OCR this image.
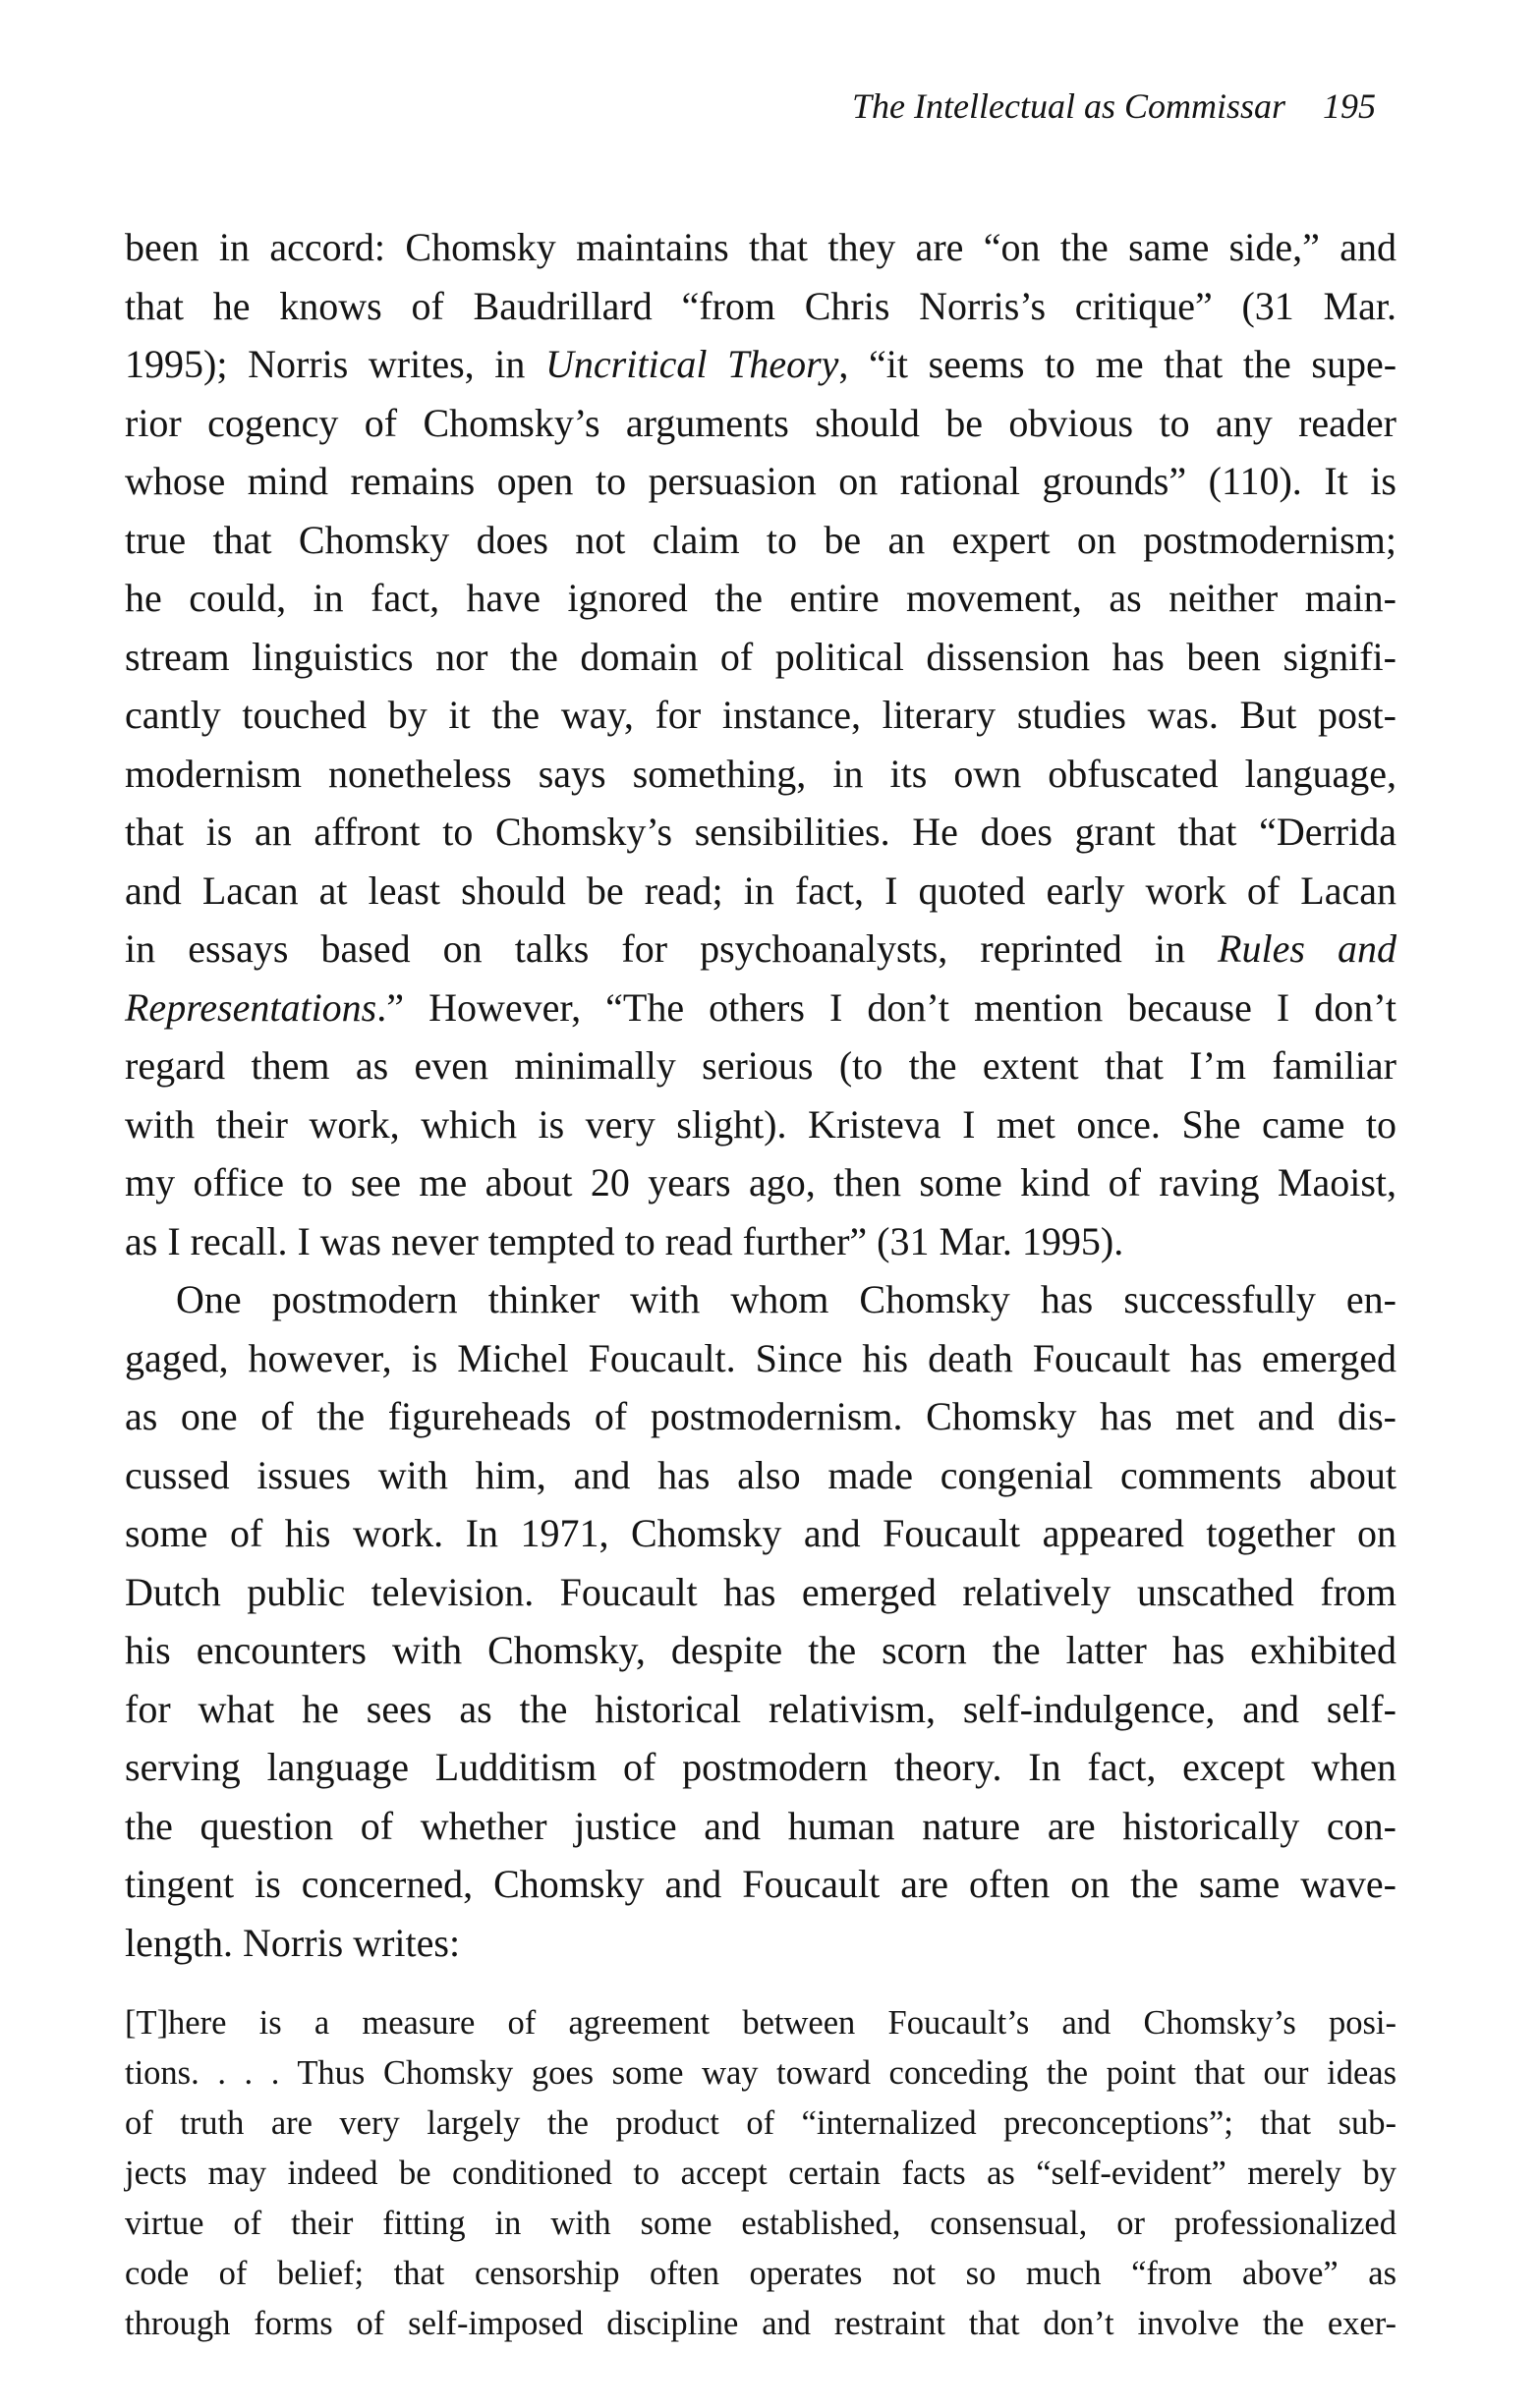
The Intellectual as Commissar 195

been in accord: Chomsky maintains that they are “on the same side,” and
that he knows of Baudrillard “from Chris Norris’s critique” (31 Mar.
1995); Norris writes, in Uncritical Theory, “it seems to me that the supe-
rior cogency of Chomsky’s arguments should be obvious to any reader
whose mind remains open to persuasion on rational grounds” (110). It is
true that Chomsky does not claim to be an expert on postmodernism;
he could, in fact, have ignored the entire movement, as neither main-
stream linguistics nor the domain of political dissension has been signifi-
cantly touched by it the way, for instance, literary studies was. But post-
modernism nonetheless says something, in its own obfuscated language,
that is an affront to Chomsky’s sensibilities. He does grant that “Derrida
and Lacan at least should be read; in fact, I quoted early work of Lacan
in essays based on talks for psychoanalysts, reprinted in Rules and
Representations.” However, “The others I don’t mention because I don’t
regard them as even minimally serious (to the extent that I’m familiar
with their work, which is very slight). Kristeva I met once. She came to
my office to see me about 20 years ago, then some kind of raving Maoist,
as I recall. I was never tempted to read further” (31 Mar. 1995).

One postmodern thinker with whom Chomsky has successfully en-
gaged, however, is Michel Foucault. Since his death Foucault has emerged
as one of the figureheads of postmodernism. Chomsky has met and dis-
cussed issues with him, and has also made congenial comments about
some of his work. In 1971, Chomsky and Foucault appeared together on
Dutch public television. Foucault has emerged relatively unscathed from
his encounters with Chomsky, despite the scorn the latter has exhibited
for what he sees as the historical relativism, self-indulgence, and self-
serving language Ludditism of postmodern theory. In fact, except when
the question of whether justice and human nature are historically con-
tingent is concerned, Chomsky and Foucault are often on the same wave-
length. Norris writes:

[T]here is a measure of agreement between Foucault’s and Chomsky’s posi-
tions. . . . Thus Chomsky goes some way toward conceding the point that our ideas
of truth are very largely the product of “internalized preconceptions”; that sub-
jects may indeed be conditioned to accept certain facts as “self-evident” merely by
virtue of their fitting in with some established, consensual, or professionalized
code of belief; that censorship often operates not so much “from above” as
through forms of self-imposed discipline and restraint that don’t involve the exer-
